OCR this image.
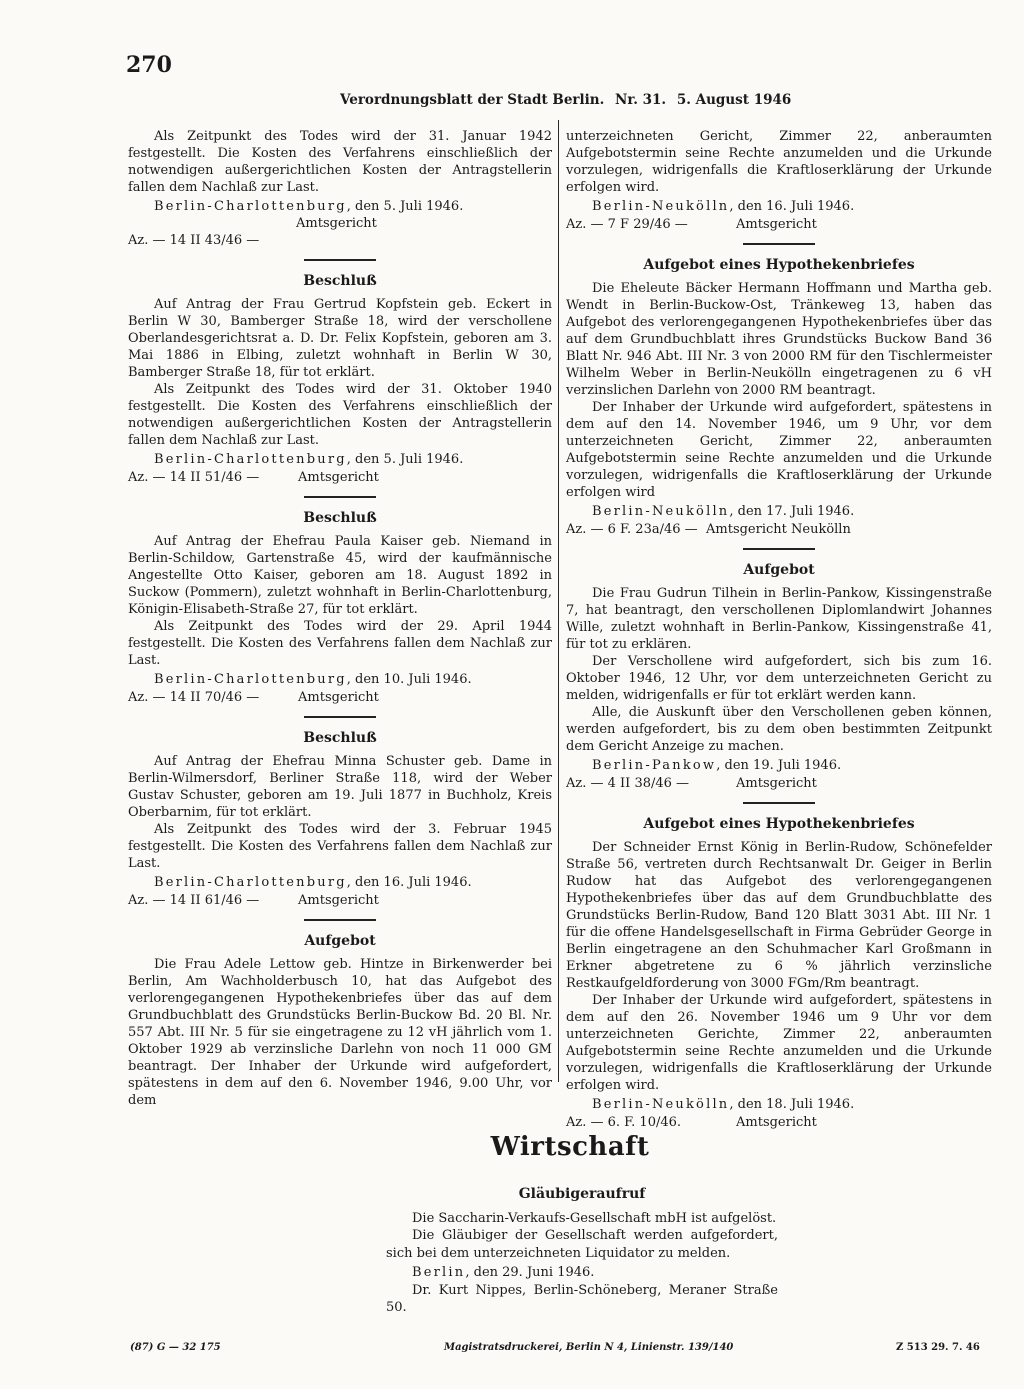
270
Verordnungsblatt der Stadt Berlin. Nr. 31. 5. August 1946

Als Zeitpunkt des Todes wird der 31. Januar 1942 festgestellt. Die Kosten des Verfahrens einschließlich der notwendigen außergerichtlichen Kosten der Antragstellerin fallen dem Nachlaß zur Last.

Berlin-Charlottenburg, den 5. Juli 1946.

Amtsgericht

Az. — 14 II 43/46 —

Beschluß

Auf Antrag der Frau Gertrud Kopfstein geb. Eckert in Berlin W 30, Bamberger Straße 18, wird der verschollene Oberlandesgerichtsrat a. D. Dr. Felix Kopfstein, geboren am 3. Mai 1886 in Elbing, zuletzt wohnhaft in Berlin W 30, Bamberger Straße 18, für tot erklärt.

Als Zeitpunkt des Todes wird der 31. Oktober 1940 festgestellt. Die Kosten des Verfahrens einschließlich der notwendigen außergerichtlichen Kosten der Antragstellerin fallen dem Nachlaß zur Last.

Berlin-Charlottenburg, den 5. Juli 1946.

Az. — 14 II 51/46 —	Amtsgericht
Beschluß

Auf Antrag der Ehefrau Paula Kaiser geb. Niemand in Berlin-Schildow, Gartenstraße 45, wird der kaufmännische Angestellte Otto Kaiser, geboren am 18. August 1892 in Suckow (Pommern), zuletzt wohnhaft in Berlin-Charlottenburg, Königin-Elisabeth-Straße 27, für tot erklärt.

Als Zeitpunkt des Todes wird der 29. April 1944 festgestellt. Die Kosten des Verfahrens fallen dem Nachlaß zur Last.

Berlin-Charlottenburg, den 10. Juli 1946.

Az. — 14 II 70/46 —	Amtsgericht
Beschluß

Auf Antrag der Ehefrau Minna Schuster geb. Dame in Berlin-Wilmersdorf, Berliner Straße 118, wird der Weber Gustav Schuster, geboren am 19. Juli 1877 in Buchholz, Kreis Oberbarnim, für tot erklärt.

Als Zeitpunkt des Todes wird der 3. Februar 1945 festgestellt. Die Kosten des Verfahrens fallen dem Nachlaß zur Last.

Berlin-Charlottenburg, den 16. Juli 1946.

Az. — 14 II 61/46 —	Amtsgericht
Aufgebot

Die Frau Adele Lettow geb. Hintze in Birkenwerder bei Berlin, Am Wachholderbusch 10, hat das Aufgebot des verlorengegangenen Hypothekenbriefes über das auf dem Grundbuchblatt des Grundstücks Berlin-Buckow Bd. 20 Bl. Nr. 557 Abt. III Nr. 5 für sie eingetragene zu 12 vH jährlich vom 1. Oktober 1929 ab verzinsliche Darlehn von noch 11 000 GM beantragt. Der Inhaber der Urkunde wird aufgefordert, spätestens in dem auf den 6. November 1946, 9.00 Uhr, vor dem

unterzeichneten Gericht, Zimmer 22, anberaumten Aufgebotstermin seine Rechte anzumelden und die Urkunde vorzulegen, widrigenfalls die Kraftloserklärung der Urkunde erfolgen wird.

Berlin-Neukölln, den 16. Juli 1946.

Az. — 7 F 29/46 —	Amtsgericht
Aufgebot eines Hypothekenbriefes

Die Eheleute Bäcker Hermann Hoffmann und Martha geb. Wendt in Berlin-Buckow-Ost, Tränkeweg 13, haben das Aufgebot des verlorengegangenen Hypothekenbriefes über das auf dem Grundbuchblatt ihres Grundstücks Buckow Band 36 Blatt Nr. 946 Abt. III Nr. 3 von 2000 RM für den Tischlermeister Wilhelm Weber in Berlin-Neukölln eingetragenen zu 6 vH verzinslichen Darlehn von 2000 RM beantragt.

Der Inhaber der Urkunde wird aufgefordert, spätestens in dem auf den 14. November 1946, um 9 Uhr, vor dem unterzeichneten Gericht, Zimmer 22, anberaumten Aufgebotstermin seine Rechte anzumelden und die Urkunde vorzulegen, widrigenfalls die Kraftloserklärung der Urkunde erfolgen wird

Berlin-Neukölln, den 17. Juli 1946.

Az. — 6 F. 23a/46 — Amtsgericht Neukölln
Aufgebot

Die Frau Gudrun Tilhein in Berlin-Pankow, Kissingenstraße 7, hat beantragt, den verschollenen Diplomlandwirt Johannes Wille, zuletzt wohnhaft in Berlin-Pankow, Kissingenstraße 41, für tot zu erklären.

Der Verschollene wird aufgefordert, sich bis zum 16. Oktober 1946, 12 Uhr, vor dem unterzeichneten Gericht zu melden, widrigenfalls er für tot erklärt werden kann.

Alle, die Auskunft über den Verschollenen geben können, werden aufgefordert, bis zu dem oben bestimmten Zeitpunkt dem Gericht Anzeige zu machen.

Berlin-Pankow, den 19. Juli 1946.

Az. — 4 II 38/46 —	Amtsgericht
Aufgebot eines Hypothekenbriefes

Der Schneider Ernst König in Berlin-Rudow, Schönefelder Straße 56, vertreten durch Rechtsanwalt Dr. Geiger in Berlin Rudow hat das Aufgebot des verlorengegangenen Hypothekenbriefes über das auf dem Grundbuchblatte des Grundstücks Berlin-Rudow, Band 120 Blatt 3031 Abt. III Nr. 1 für die offene Handelsgesellschaft in Firma Gebrüder George in Berlin eingetragene an den Schuhmacher Karl Großmann in Erkner abgetretene zu 6 % jährlich verzinsliche Restkaufgeldforderung von 3000 FGm/Rm beantragt.

Der Inhaber der Urkunde wird aufgefordert, spätestens in dem auf den 26. November 1946 um 9 Uhr vor dem unterzeichneten Gerichte, Zimmer 22, anberaumten Aufgebotstermin seine Rechte anzumelden und die Urkunde vorzulegen, widrigenfalls die Kraftloserklärung der Urkunde erfolgen wird.

Berlin-Neukölln, den 18. Juli 1946.

Az. — 6. F. 10/46.	Amtsgericht
Wirtschaft
Gläubigeraufruf

Die Saccharin-Verkaufs-Gesellschaft mbH ist aufgelöst.

Die Gläubiger der Gesellschaft werden aufgefordert, sich bei dem unterzeichneten Liquidator zu melden.

Berlin, den 29. Juni 1946.

Dr. Kurt Nippes, Berlin-Schöneberg, Meraner Straße 50.

(87) G — 32 175	Magistratsdruckerei, Berlin N 4, Linienstr. 139/140	Z 513 29. 7. 46
